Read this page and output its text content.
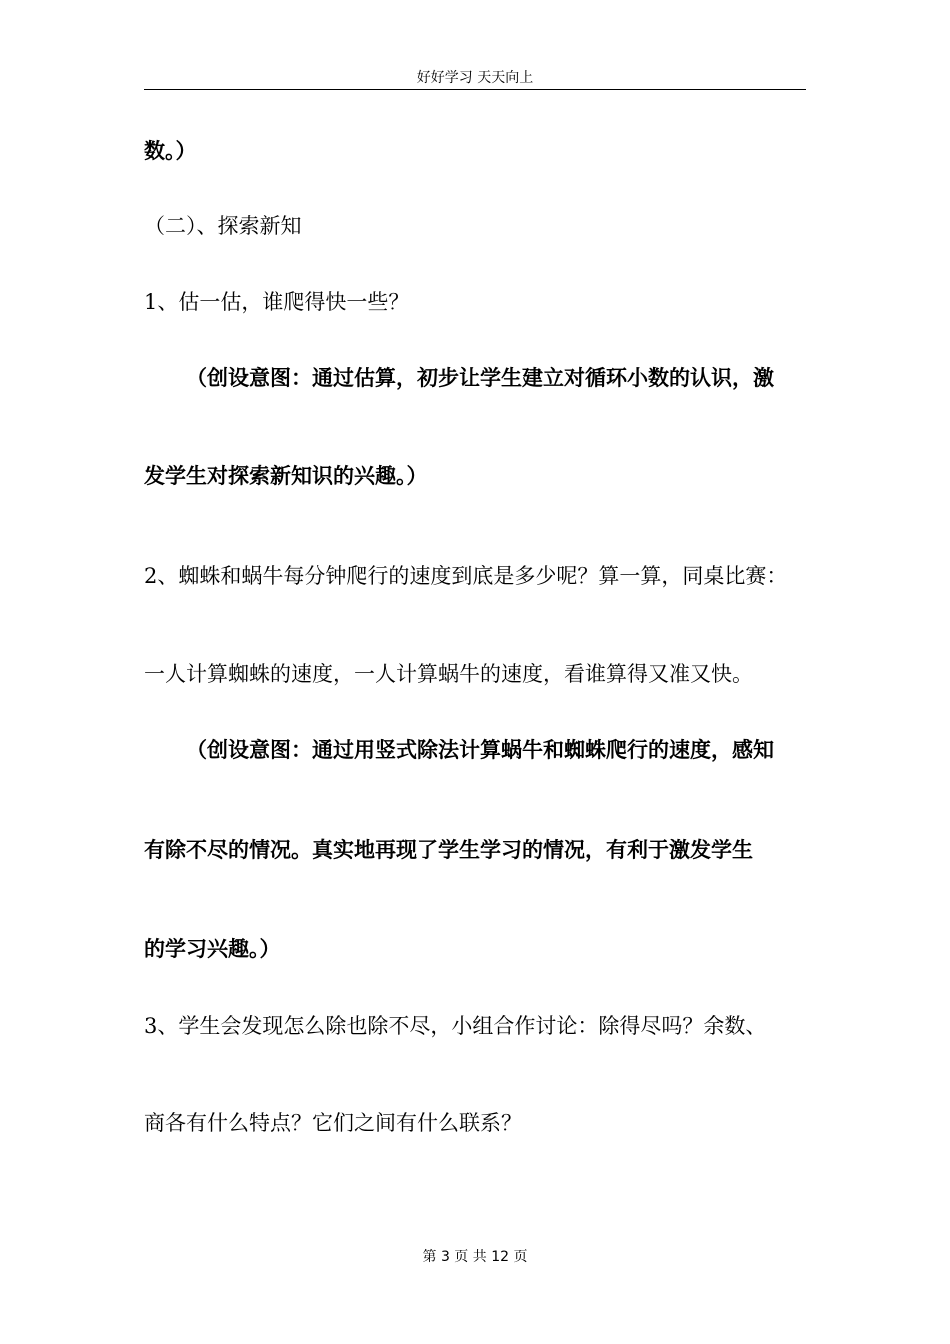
好好学习 天天向上
数。）
（二）、探索新知
1、估一估，谁爬得快一些？
（创设意图：通过估算，初步让学生建立对循环小数的认识，激
发学生对探索新知识的兴趣。）
2、蜘蛛和蜗牛每分钟爬行的速度到底是多少呢？算一算，同桌比赛：
一人计算蜘蛛的速度，一人计算蜗牛的速度，看谁算得又准又快。
（创设意图：通过用竖式除法计算蜗牛和蜘蛛爬行的速度，感知
有除不尽的情况。真实地再现了学生学习的情况，有利于激发学生
的学习兴趣。）
3、学生会发现怎么除也除不尽，小组合作讨论：除得尽吗？余数、
商各有什么特点？它们之间有什么联系？
第 3 页 共 12 页
